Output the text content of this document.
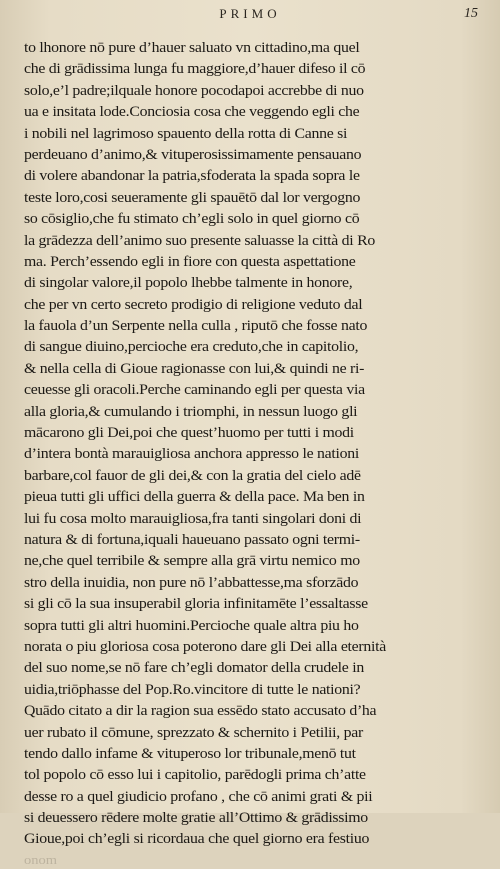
PRIMO	15
to lhonore nō pure d’hauer saluato vn cittadino,ma quel
che di grādissima lunga fu maggiore,d’hauer difeso il cō
solo,e’l padre;ilquale honore pocodapoi accrebbe di nuo
ua e insitata lode.Conciosia cosa che veggendo egli che
i nobili nel lagrimoso spauento della rotta di Canne si
perdeuano d’animo,& vituperosissimamente pensauano
di volere abandonar la patria,sfoderata la spada sopra le
teste loro,cosi seueramente gli spauētō dal lor vergogno
so cōsiglio,che fu stimato ch’egli solo in quel giorno cō
la grādezza dell’animo suo presente saluasse la città di Ro
ma. Perch’essendo egli in fiore con questa aspettatione
di singolar valore,il popolo lhebbe talmente in honore,
che per vn certo secreto prodigio di religione veduto dal
la fauola d’un Serpente nella culla , riputō che fosse nato
di sangue diuino,percioche era creduto,che in capitolio,
& nella cella di Gioue ragionasse con lui,& quindi ne ri-
ceuesse gli oracoli.Perche caminando egli per questa via
alla gloria,& cumulando i triomphi, in nessun luogo gli
mācarono gli Dei,poi che quest’huomo per tutti i modi
d’intera bontà marauigliosa anchora appresso le nationi
barbare,col fauor de gli dei,& con la gratia del cielo adē
pieua tutti gli uffici della guerra & della pace. Ma ben in
lui fu cosa molto marauigliosa,fra tanti singolari doni di
natura & di fortuna,iquali haueuano passato ogni termi-
ne,che quel terribile & sempre alla grā virtu nemico mo
stro della inuidia, non pure nō l’abbattesse,ma sforzādo
si gli cō la sua insuperabil gloria infinitamēte l’essaltasse
sopra tutti gli altri huomini.Percioche quale altra piu ho
norata o piu gloriosa cosa poterono dare gli Dei alla eternità
del suo nome,se nō fare ch’egli domator della crudele in
uidia,triōphasse del Pop.Ro.vincitore di tutte le nationi?
Quādo citato a dir la ragion sua essēdo stato accusato d’ha
uer rubato il cōmune, sprezzato & schernito i Petilii, par
tendo dallo infame & vituperoso lor tribunale,menō tut
tol popolo cō esso lui i capitolio, parēdogli prima ch’atte
desse ro a quel giudicio profano , che cō animi grati & pii
si deuessero rēdere molte gratie all’Ottimo & grādissimo
Gioue,poi ch’egli si ricordaua che quel giorno era festiuo
onom
